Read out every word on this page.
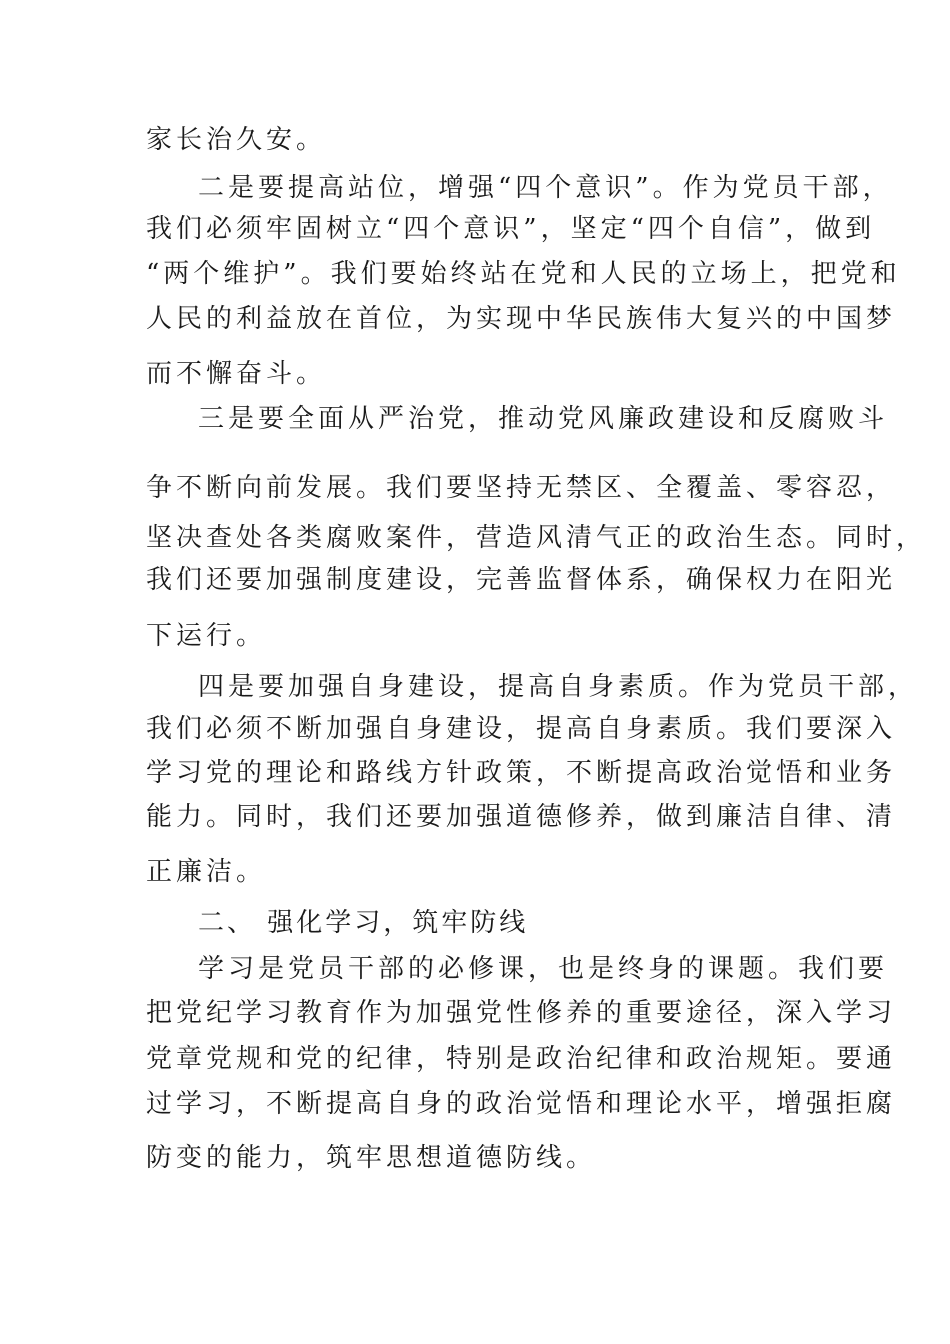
家长治久安。
二是要提高站位，增强“四个意识”。作为党员干部，
我们必须牢固树立“四个意识”，坚定“四个自信”，做到
“两个维护”。我们要始终站在党和人民的立场上，把党和
人民的利益放在首位，为实现中华民族伟大复兴的中国梦
而不懈奋斗。
三是要全面从严治党，推动党风廉政建设和反腐败斗
争不断向前发展。我们要坚持无禁区、全覆盖、零容忍，
坚决查处各类腐败案件，营造风清气正的政治生态。同时，
我们还要加强制度建设，完善监督体系，确保权力在阳光
下运行。
四是要加强自身建设，提高自身素质。作为党员干部，
我们必须不断加强自身建设，提高自身素质。我们要深入
学习党的理论和路线方针政策，不断提高政治觉悟和业务
能力。同时，我们还要加强道德修养，做到廉洁自律、清
正廉洁。
二、 强化学习，筑牢防线
学习是党员干部的必修课，也是终身的课题。我们要
把党纪学习教育作为加强党性修养的重要途径，深入学习
党章党规和党的纪律，特别是政治纪律和政治规矩。要通
过学习，不断提高自身的政治觉悟和理论水平，增强拒腐
防变的能力，筑牢思想道德防线。
